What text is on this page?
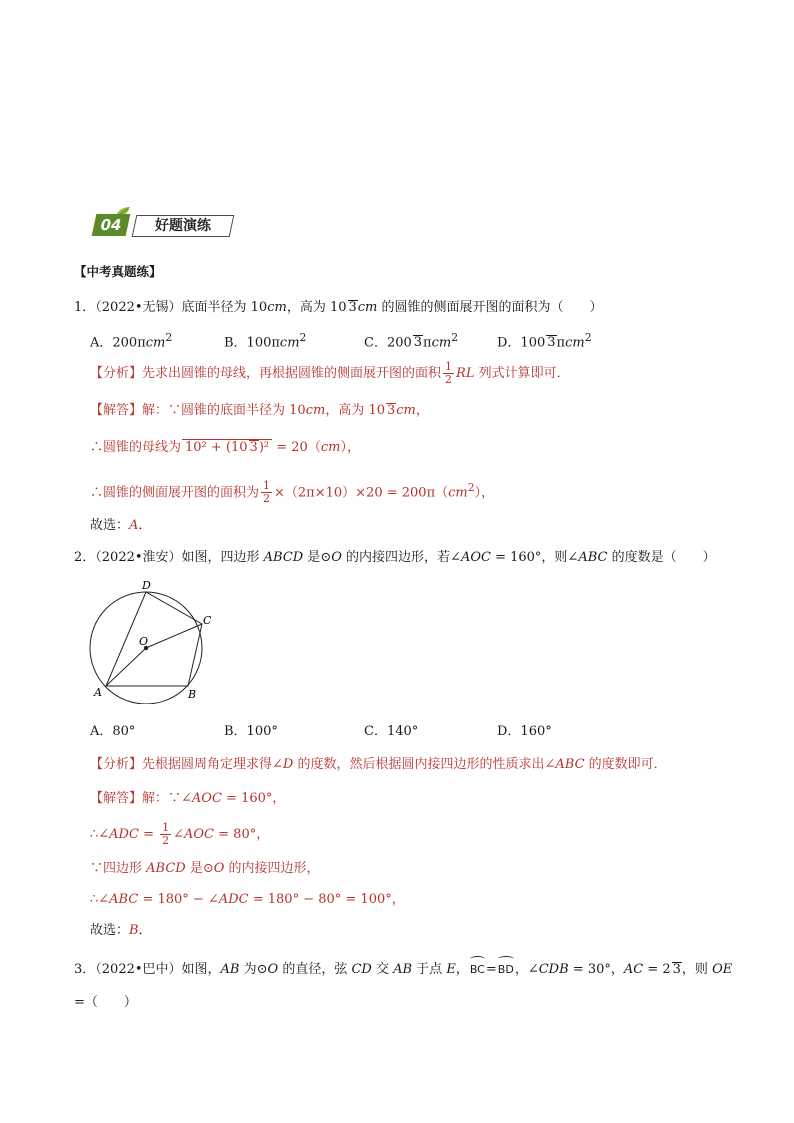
04	好题演练
【中考真题练】
1．（2022•无锡）底面半径为 10cm，高为 10 3cm 的圆锥的侧面展开图的面积为（　　）
A．200πcm$^2$	B．100πcm$^2$	C．200 3πcm$^2$	D．100 3πcm$^2$
【分析】先求出圆锥的母线，再根据圆锥的侧面展开图的面积 $\frac{1}{2}$ RL 列式计算即可．
【解答】解：∵圆锥的底面半径为 10cm，高为 10 3cm，
∴圆锥的母线为 10² + (10 3)² = 20（cm），
∴圆锥的侧面展开图的面积为 $\frac{1}{2} \times(2\pi\times 10)\times 20 = 200\pi(cm^2)$，
故选：A．
2．（2022•淮安）如图，四边形 ABCD 是⊙O 的内接四边形，若∠AOC = 160°，则∠ABC 的度数是（　　）
O
A	B
C
D
A．80°	B．100°	C．140°	D．160°
【分析】先根据圆周角定理求得∠D 的度数，然后根据圆内接四边形的性质求出∠ABC 的度数即可．
【解答】解：∵∠AOC = 160°，
∴∠ADC = $\frac{1}{2}$ ∠AOC = 80°，
∵四边形 ABCD 是⊙O 的内接四边形，
∴∠ABC = 180° − ∠ADC = 180° − 80° = 100°，
故选：B．
3．（2022•巴中）如图，AB 为⊙O 的直径，弦 CD 交 AB 于点 E，BC=BD，∠CDB = 30°，AC = 2 3，则 OE
=（　　）
